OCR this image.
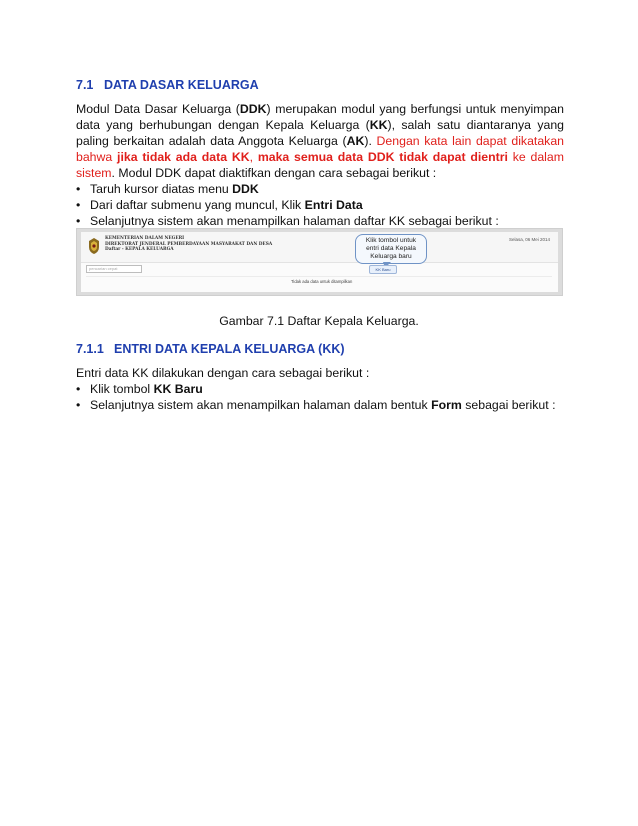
7.1 DATA DASAR KELUARGA
Modul Data Dasar Keluarga (DDK) merupakan modul yang berfungsi untuk menyimpan data yang berhubungan dengan Kepala Keluarga (KK), salah satu diantaranya yang paling berkaitan adalah data Anggota Keluarga (AK). Dengan kata lain dapat dikatakan bahwa jika tidak ada data KK, maka semua data DDK tidak dapat dientri ke dalam sistem. Modul DDK dapat diaktifkan dengan cara sebagai berikut :
• Taruh kursor diatas menu DDK
• Dari daftar submenu yang muncul, Klik Entri Data
• Selanjutnya sistem akan menampilkan halaman daftar KK sebagai berikut :
KEMENTERIAN DALAM NEGERI
DIREKTORAT JENDERAL PEMBERDAYAAN MASYARAKAT DAN DESA
Daftar - KEPALA KELUARGA
Selasa, 06 Mei 2014
Klik tombol untuk
entri data Kepala
Keluarga baru
pencarian cepat	KK Baru
Tidak ada data untuk ditampilkan
Gambar 7.1 Daftar Kepala Keluarga.
7.1.1 ENTRI DATA KEPALA KELUARGA (KK)
Entri data KK dilakukan dengan cara sebagai berikut :
• Klik tombol KK Baru
• Selanjutnya sistem akan menampilkan halaman dalam bentuk Form sebagai berikut :
